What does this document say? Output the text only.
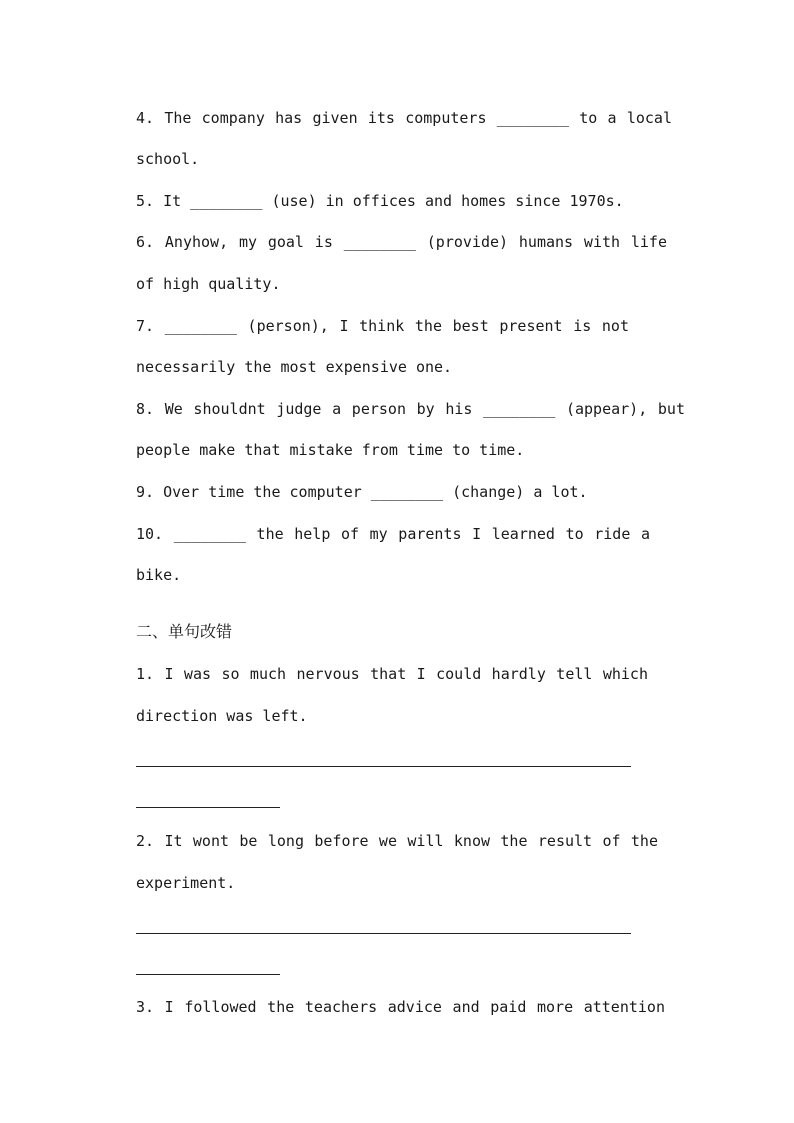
4. The company has given its computers ________ to a local
school.
5. It ________ (use) in offices and homes since 1970s.
6. Anyhow, my goal is ________ (provide) humans with life
of high quality.
7. ________ (person), I think the best present is not
necessarily the most expensive one.
8. We shouldnt judge a person by his ________ (appear), but
people make that mistake from time to time.
9. Over time the computer ________ (change) a lot.
10. ________ the help of my parents I learned to ride a
bike.
二、单句改错
1. I was so much nervous that I could hardly tell which
direction was left.
2. It wont be long before we will know the result of the
experiment.
3. I followed the teachers advice and paid more attention
